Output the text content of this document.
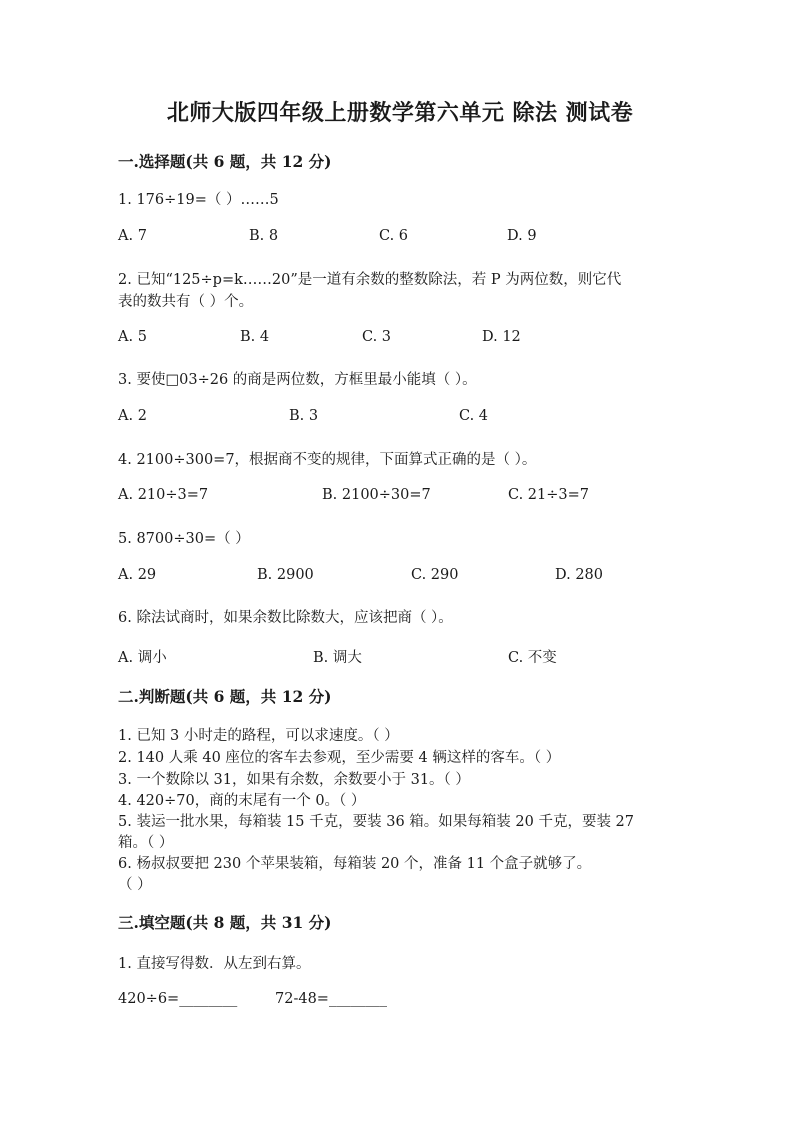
北师大版四年级上册数学第六单元 除法 测试卷
一.选择题(共 6 题，共 12 分)
1. 176÷19=（ ）……5
A. 7	B. 8	C. 6	D. 9
2. 已知“125÷p=k……20”是一道有余数的整数除法，若 P 为两位数，则它代
表的数共有（ ）个。
A. 5	B. 4	C. 3	D. 12
3. 要使□03÷26 的商是两位数，方框里最小能填（ ）。
A. 2	B. 3	C. 4
4. 2100÷300=7，根据商不变的规律，下面算式正确的是（ ）。
A. 210÷3=7	B. 2100÷30=7	C. 21÷3=7
5. 8700÷30=（ ）
A. 29	B. 2900	C. 290	D. 280
6. 除法试商时，如果余数比除数大，应该把商（ ）。
A. 调小	B. 调大	C. 不变
二.判断题(共 6 题，共 12 分)
1. 已知 3 小时走的路程，可以求速度。（ ）
2. 140 人乘 40 座位的客车去参观，至少需要 4 辆这样的客车。（ ）
3. 一个数除以 31，如果有余数，余数要小于 31。（ ）
4. 420÷70，商的末尾有一个 0。（ ）
5. 装运一批水果，每箱装 15 千克，要装 36 箱。如果每箱装 20 千克，要装 27
箱。（ ）
6. 杨叔叔要把 230 个苹果装箱，每箱装 20 个，准备 11 个盒子就够了。
（ ）
三.填空题(共 8 题，共 31 分)
1. 直接写得数．从左到右算。
420÷6=________	72-48=________
